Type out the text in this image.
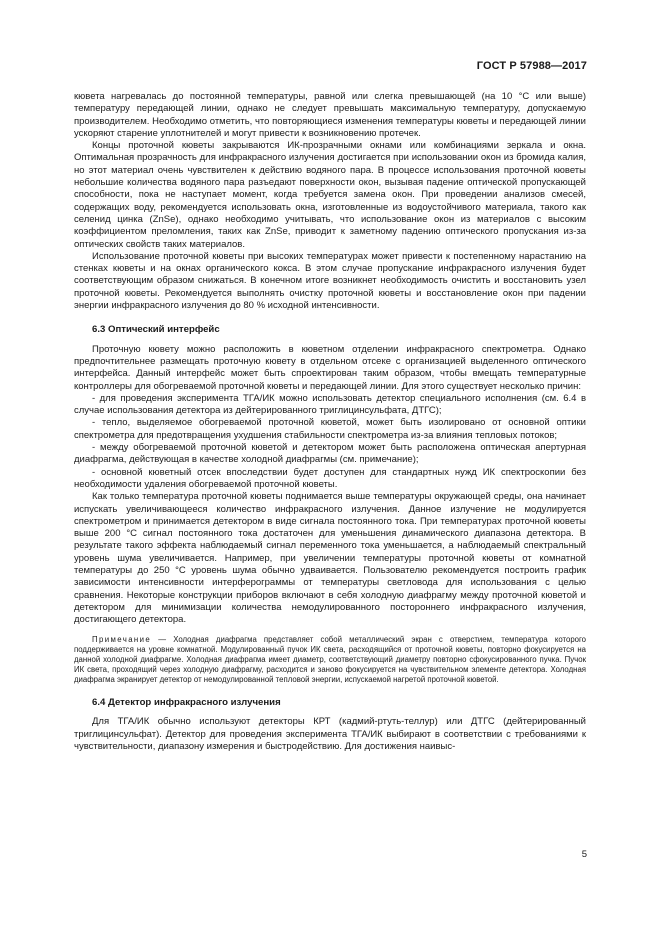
ГОСТ Р 57988—2017

кювета нагревалась до постоянной температуры, равной или слегка превышающей (на 10 °C или выше) температуру передающей линии, однако не следует превышать максимальную температуру, допускаемую производителем. Необходимо отметить, что повторяющиеся изменения температуры кюветы и передающей линии ускоряют старение уплотнителей и могут привести к возникновению протечек.

Концы проточной кюветы закрываются ИК-прозрачными окнами или комбинациями зеркала и окна. Оптимальная прозрачность для инфракрасного излучения достигается при использовании окон из бромида калия, но этот материал очень чувствителен к действию водяного пара. В процессе использования проточной кюветы небольшие количества водяного пара разъедают поверхности окон, вызывая падение оптической пропускающей способности, пока не наступает момент, когда требуется замена окон. При проведении анализов смесей, содержащих воду, рекомендуется использовать окна, изготовленные из водоустойчивого материала, такого как селенид цинка (ZnSe), однако необходимо учитывать, что использование окон из материалов с высоким коэффициентом преломления, таких как ZnSe, приводит к заметному падению оптического пропускания из-за оптических свойств таких материалов.

Использование проточной кюветы при высоких температурах может привести к постепенному нарастанию на стенках кюветы и на окнах органического кокса. В этом случае пропускание инфракрасного излучения будет соответствующим образом снижаться. В конечном итоге возникнет необходимость очистить и восстановить узел проточной кюветы. Рекомендуется выполнять очистку проточной кюветы и восстановление окон при падении энергии инфракрасного излучения до 80 % исходной интенсивности.

6.3 Оптический интерфейс

Проточную кювету можно расположить в кюветном отделении инфракрасного спектрометра. Однако предпочтительнее размещать проточную кювету в отдельном отсеке с организацией выделенного оптического интерфейса. Данный интерфейс может быть спроектирован таким образом, чтобы вмещать температурные контроллеры для обогреваемой проточной кюветы и передающей линии. Для этого существует несколько причин:

- для проведения эксперимента ТГА/ИК можно использовать детектор специального исполнения (см. 6.4 в случае использования детектора из дейтерированного триглицинсульфата, ДТГС);

- тепло, выделяемое обогреваемой проточной кюветой, может быть изолировано от основной оптики спектрометра для предотвращения ухудшения стабильности спектрометра из-за влияния тепловых потоков;

- между обогреваемой проточной кюветой и детектором может быть расположена оптическая апертурная диафрагма, действующая в качестве холодной диафрагмы (см. примечание);

- основной кюветный отсек впоследствии будет доступен для стандартных нужд ИК спектроскопии без необходимости удаления обогреваемой проточной кюветы.

Как только температура проточной кюветы поднимается выше температуры окружающей среды, она начинает испускать увеличивающееся количество инфракрасного излучения. Данное излучение не модулируется спектрометром и принимается детектором в виде сигнала постоянного тока. При температурах проточной кюветы выше 200 °C сигнал постоянного тока достаточен для уменьшения динамического диапазона детектора. В результате такого эффекта наблюдаемый сигнал переменного тока уменьшается, а наблюдаемый спектральный уровень шума увеличивается. Например, при увеличении температуры проточной кюветы от комнатной температуры до 250 °C уровень шума обычно удваивается. Пользователю рекомендуется построить график зависимости интенсивности интерферограммы от температуры светловода для использования с целью сравнения. Некоторые конструкции приборов включают в себя холодную диафрагму между проточной кюветой и детектором для минимизации количества немодулированного постороннего инфракрасного излучения, достигающего детектора.

Примечание — Холодная диафрагма представляет собой металлический экран с отверстием, температура которого поддерживается на уровне комнатной. Модулированный пучок ИК света, расходящийся от проточной кюветы, повторно фокусируется на данной холодной диафрагме. Холодная диафрагма имеет диаметр, соответствующий диаметру повторно сфокусированного пучка. Пучок ИК света, проходящий через холодную диафрагму, расходится и заново фокусируется на чувствительном элементе детектора. Холодная диафрагма экранирует детектор от немодулированной тепловой энергии, испускаемой нагретой проточной кюветой.

6.4 Детектор инфракрасного излучения

Для ТГА/ИК обычно используют детекторы КРТ (кадмий-ртуть-теллур) или ДТГС (дейтерированный триглицинсульфат). Детектор для проведения эксперимента ТГА/ИК выбирают в соответствии с требованиями к чувствительности, диапазону измерения и быстродействию. Для достижения наивыс-

5
